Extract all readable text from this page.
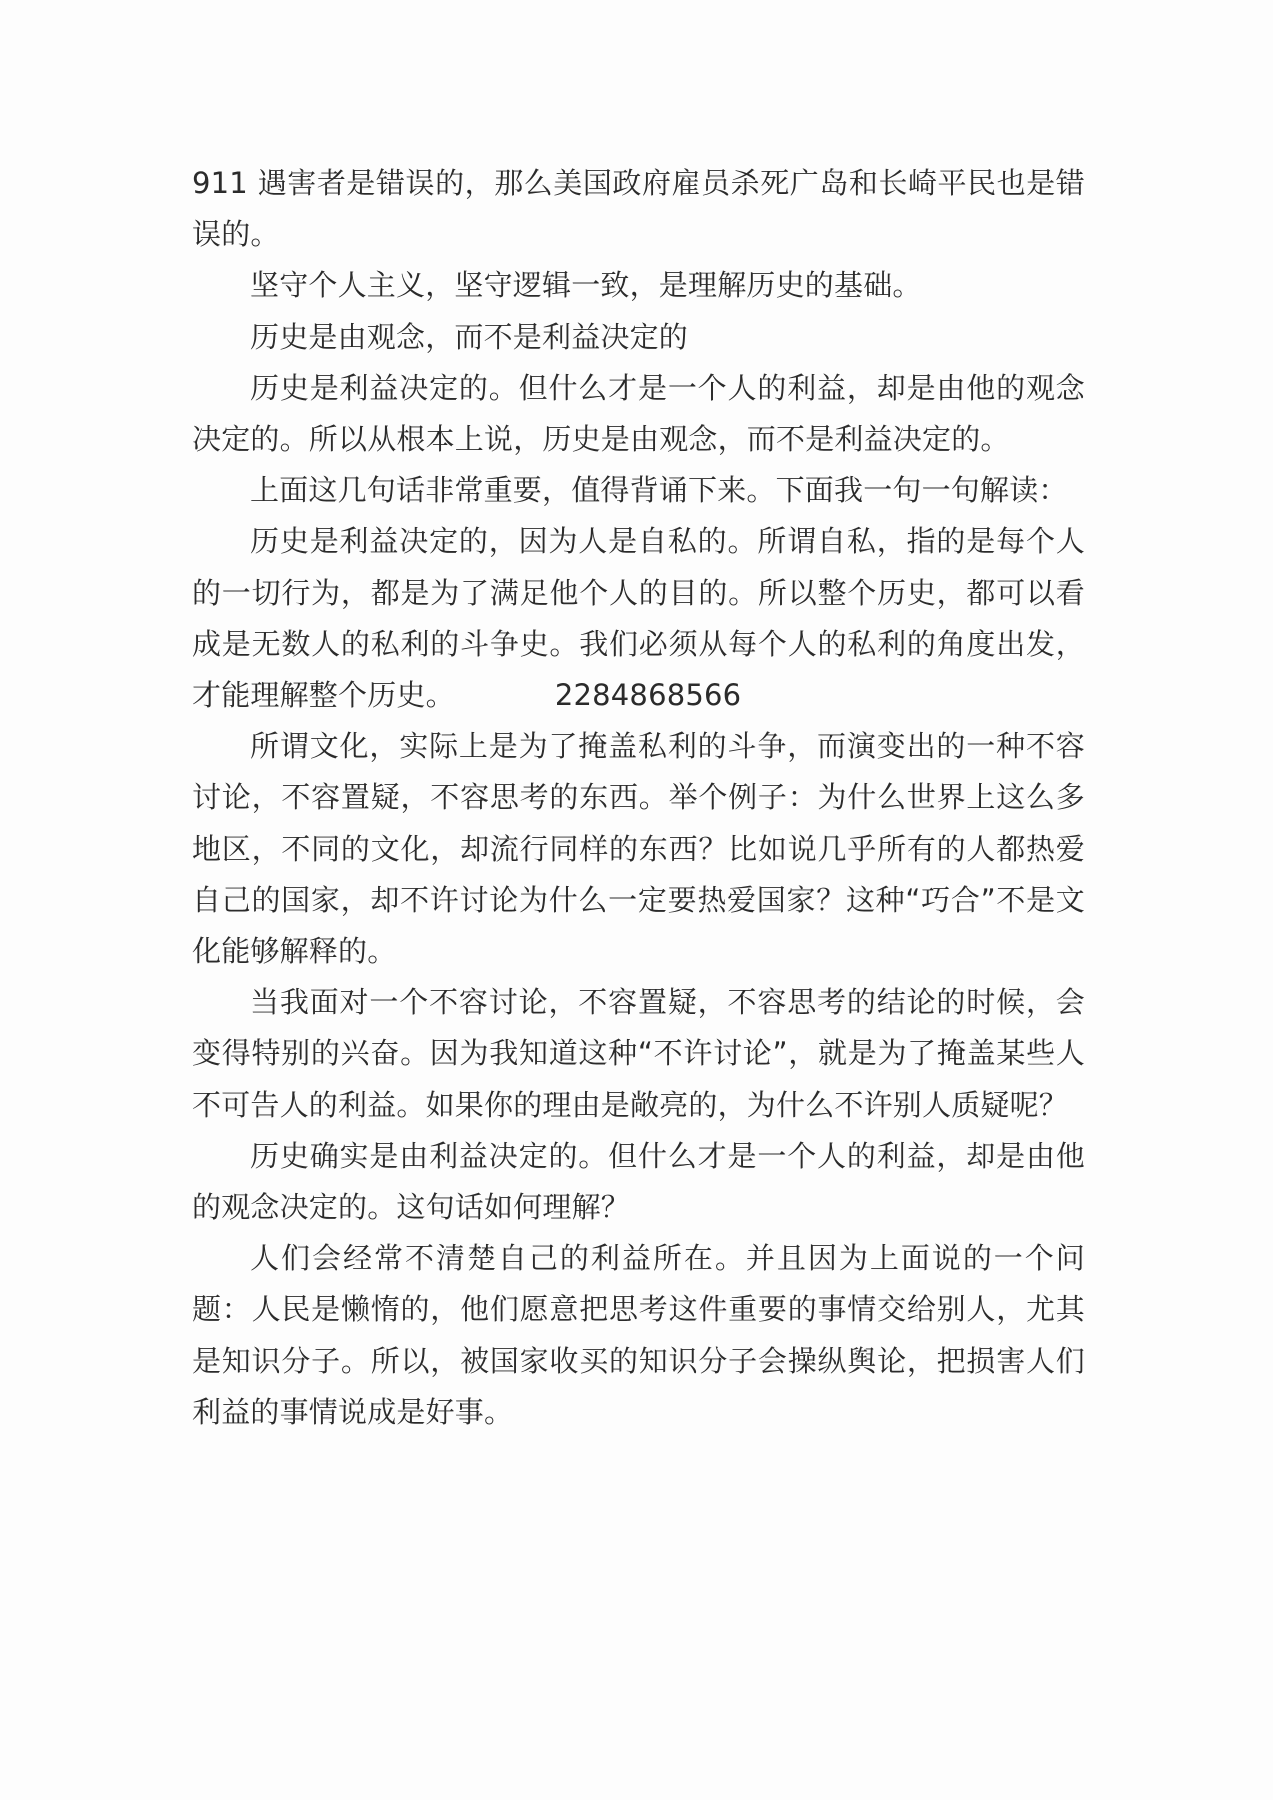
911 遇害者是错误的，那么美国政府雇员杀死广岛和长崎平民也是错误的。

坚守个人主义，坚守逻辑一致，是理解历史的基础。

历史是由观念，而不是利益决定的

历史是利益决定的。但什么才是一个人的利益，却是由他的观念决定的。所以从根本上说，历史是由观念，而不是利益决定的。

上面这几句话非常重要，值得背诵下来。下面我一句一句解读：

历史是利益决定的，因为人是自私的。所谓自私，指的是每个人的一切行为，都是为了满足他个人的目的。所以整个历史，都可以看成是无数人的私利的斗争史。我们必须从每个人的私利的角度出发，才能理解整个历史。	2284868566

所谓文化，实际上是为了掩盖私利的斗争，而演变出的一种不容讨论，不容置疑，不容思考的东西。举个例子：为什么世界上这么多地区，不同的文化，却流行同样的东西？比如说几乎所有的人都热爱自己的国家，却不许讨论为什么一定要热爱国家？这种“巧合”不是文化能够解释的。

当我面对一个不容讨论，不容置疑，不容思考的结论的时候，会变得特别的兴奋。因为我知道这种“不许讨论”，就是为了掩盖某些人不可告人的利益。如果你的理由是敞亮的，为什么不许别人质疑呢？

历史确实是由利益决定的。但什么才是一个人的利益，却是由他的观念决定的。这句话如何理解？

人们会经常不清楚自己的利益所在。并且因为上面说的一个问题：人民是懒惰的，他们愿意把思考这件重要的事情交给别人，尤其是知识分子。所以，被国家收买的知识分子会操纵舆论，把损害人们利益的事情说成是好事。
